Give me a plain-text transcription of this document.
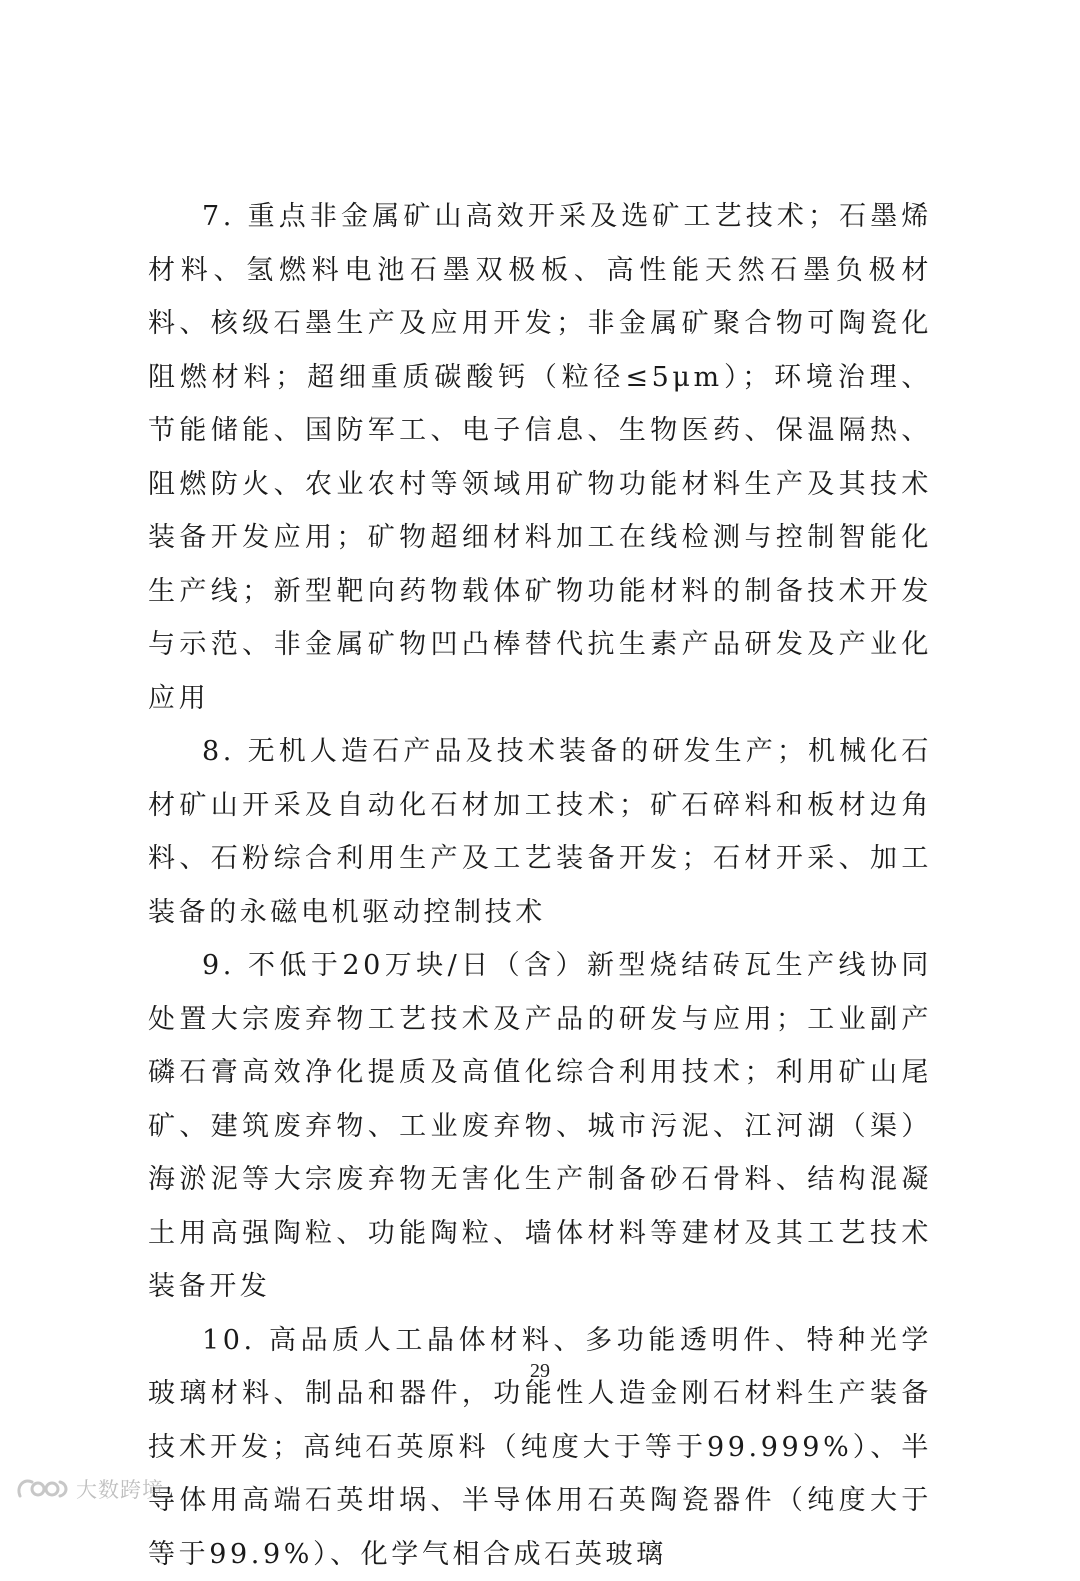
7. 重点非金属矿山高效开采及选矿工艺技术；石墨烯材料、氢燃料电池石墨双极板、高性能天然石墨负极材料、核级石墨生产及应用开发；非金属矿聚合物可陶瓷化阻燃材料；超细重质碳酸钙（粒径≤5μm）；环境治理、节能储能、国防军工、电子信息、生物医药、保温隔热、阻燃防火、农业农村等领域用矿物功能材料生产及其技术装备开发应用；矿物超细材料加工在线检测与控制智能化生产线；新型靶向药物载体矿物功能材料的制备技术开发与示范、非金属矿物凹凸棒替代抗生素产品研发及产业化应用

8. 无机人造石产品及技术装备的研发生产；机械化石材矿山开采及自动化石材加工技术；矿石碎料和板材边角料、石粉综合利用生产及工艺装备开发；石材开采、加工装备的永磁电机驱动控制技术

9. 不低于20万块/日（含）新型烧结砖瓦生产线协同处置大宗废弃物工艺技术及产品的研发与应用；工业副产磷石膏高效净化提质及高值化综合利用技术；利用矿山尾矿、建筑废弃物、工业废弃物、城市污泥、江河湖（渠）海淤泥等大宗废弃物无害化生产制备砂石骨料、结构混凝土用高强陶粒、功能陶粒、墙体材料等建材及其工艺技术装备开发

10. 高品质人工晶体材料、多功能透明件、特种光学玻璃材料、制品和器件，功能性人造金刚石材料生产装备技术开发；高纯石英原料（纯度大于等于99.999%）、半导体用高端石英坩埚、半导体用石英陶瓷器件（纯度大于等于99.9%）、化学气相合成石英玻璃

29
大数跨境
